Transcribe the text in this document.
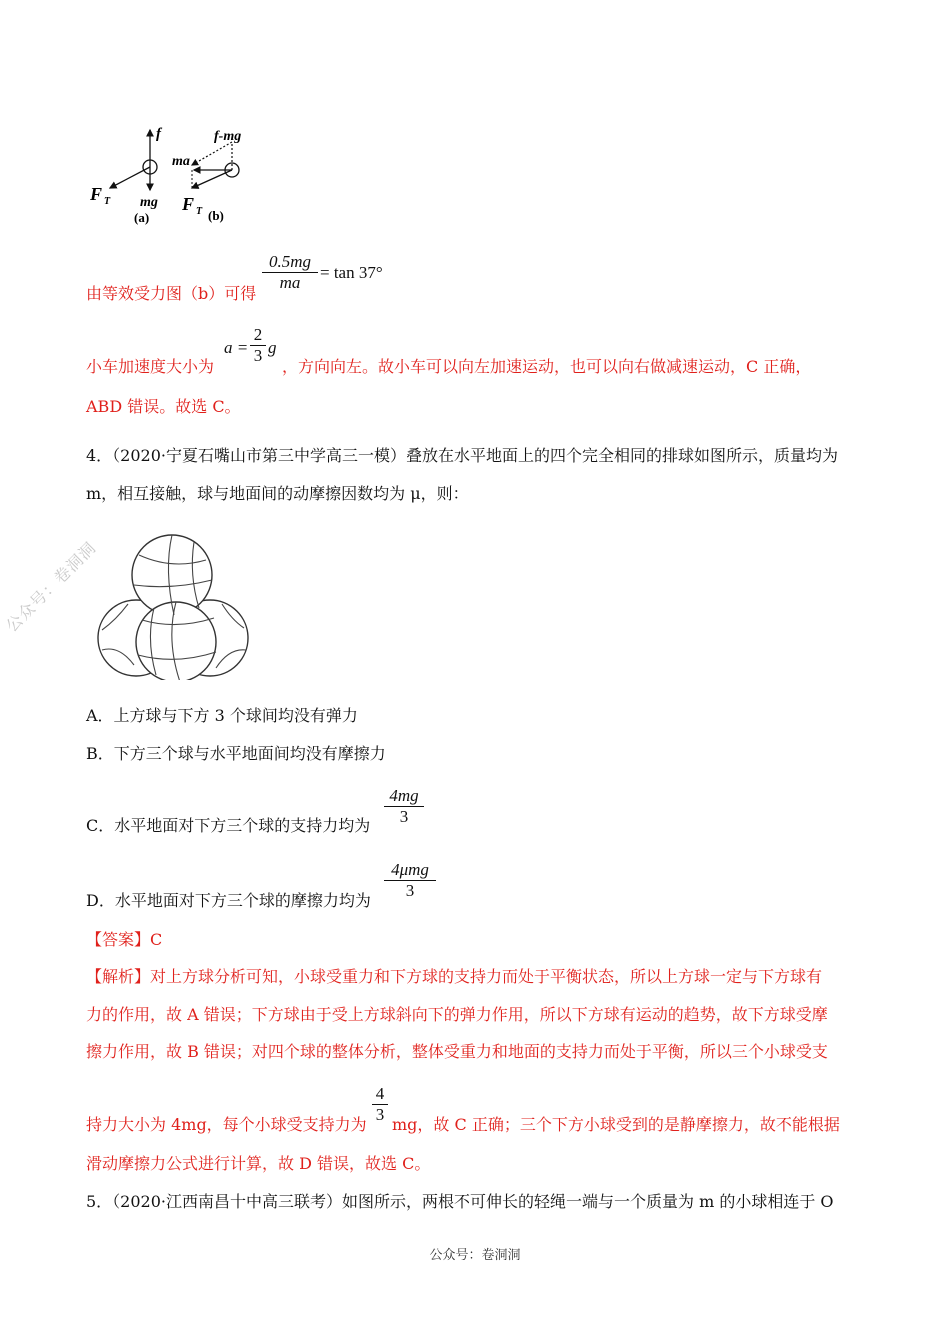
f
mg
F T
(a)
f-mg
ma
F T (b)
0.5mg
ma
= tan 37°
由等效受力图（b）可得
a =
2
3 g
小车加速度大小为	，方向向左。故小车可以向左加速运动，也可以向右做减速运动，C 正确，
ABD 错误。故选 C。
4．（2020·宁夏石嘴山市第三中学高三一模）叠放在水平地面上的四个完全相同的排球如图所示，质量均为
m，相互接触，球与地面间的动摩擦因数均为 μ，则：
公众号：卷洞洞
A．上方球与下方 3 个球间均没有弹力
B．下方三个球与水平地面间均没有摩擦力
4mg
3
C．水平地面对下方三个球的支持力均为
4μmg
3
D．水平地面对下方三个球的摩擦力均为
【答案】C
【解析】对上方球分析可知，小球受重力和下方球的支持力而处于平衡状态，所以上方球一定与下方球有
力的作用，故 A 错误；下方球由于受上方球斜向下的弹力作用，所以下方球有运动的趋势，故下方球受摩
擦力作用，故 B 错误；对四个球的整体分析，整体受重力和地面的支持力而处于平衡，所以三个小球受支
4
3
持力大小为 4mg，每个小球受支持力为 mg，故 C 正确；三个下方小球受到的是静摩擦力，故不能根据
滑动摩擦力公式进行计算，故 D 错误，故选 C。
5．（2020·江西南昌十中高三联考）如图所示，两根不可伸长的轻绳一端与一个质量为 m 的小球相连于 O
公众号：卷洞洞
